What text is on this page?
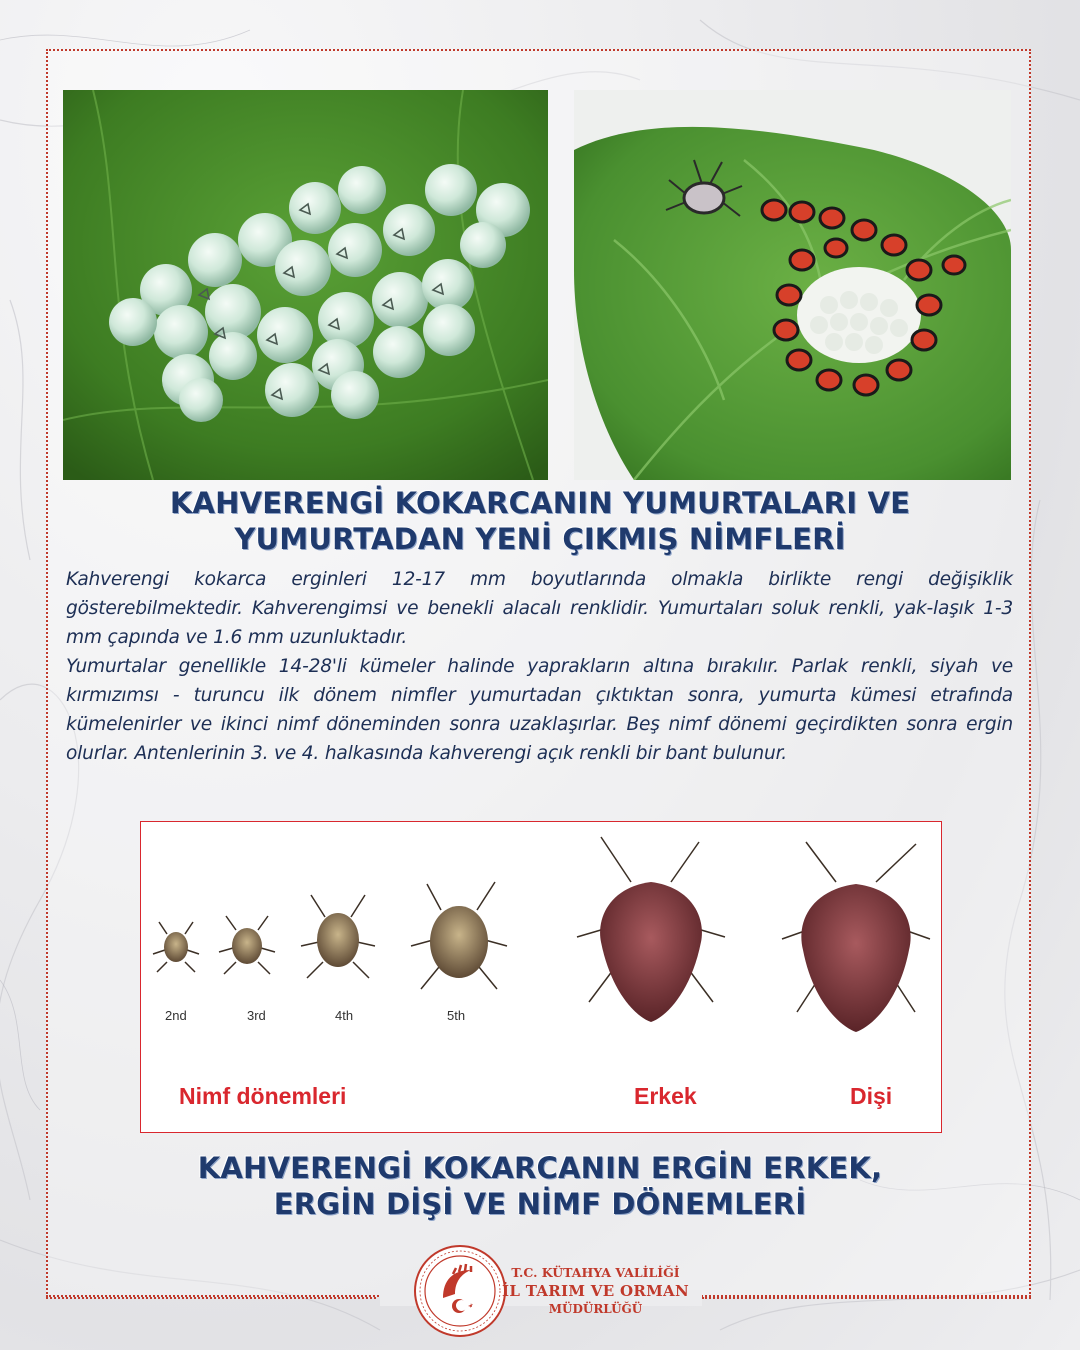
KAHVERENGİ KOKARCANIN YUMURTALARI VE
YUMURTADAN YENİ ÇIKMIŞ NİMFLERİ

Kahverengi kokarca erginleri 12-17 mm boyutlarında olmakla birlikte rengi değişiklik gösterebilmektedir. Kahverengimsi ve benekli alacalı renklidir. Yumurtaları soluk renkli, yak-laşık 1-3 mm çapında ve 1.6 mm uzunluktadır.

Yumurtalar genellikle 14-28'li kümeler halinde yaprakların altına bırakılır. Parlak renkli, siyah ve kırmızımsı - turuncu ilk dönem nimfler yumurtadan çıktıktan sonra, yumurta kümesi etrafında kümelenirler ve ikinci nimf döneminden sonra uzaklaşırlar. Beş nimf dönemi geçirdikten sonra ergin olurlar. Antenlerinin 3. ve 4. halkasında kahverengi açık renkli bir bant bulunur.

2nd	3rd	4th	5th
Nimf dönemleri	Erkek	Dişi
KAHVERENGİ KOKARCANIN ERGİN ERKEK,
ERGİN DİŞİ VE NİMF DÖNEMLERİ
T.C. KÜTAHYA VALİLİĞİ
İL TARIM VE ORMAN
MÜDÜRLÜĞÜ
